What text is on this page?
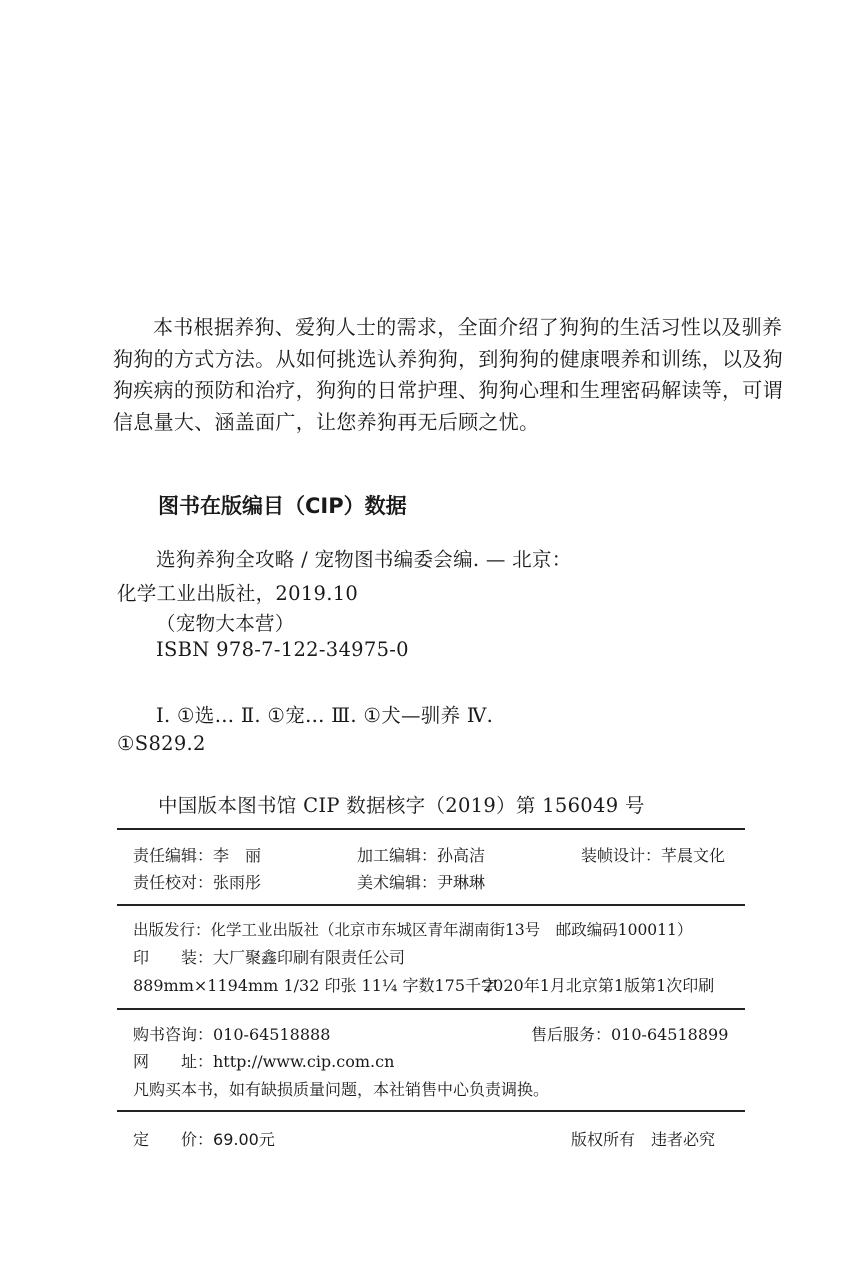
本书根据养狗、爱狗人士的需求，全面介绍了狗狗的生活习性以及驯养
狗狗的方式方法。从如何挑选认养狗狗，到狗狗的健康喂养和训练，以及狗
狗疾病的预防和治疗，狗狗的日常护理、狗狗心理和生理密码解读等，可谓
信息量大、涵盖面广，让您养狗再无后顾之忧。
图书在版编目（CIP）数据
选狗养狗全攻略 / 宠物图书编委会编. — 北京：
化学工业出版社，2019.10
（宠物大本营）
ISBN 978-7-122-34975-0
Ⅰ. ①选… Ⅱ. ①宠… Ⅲ. ①犬—驯养 Ⅳ.
①S829.2
中国版本图书馆 CIP 数据核字（2019）第 156049 号
责任编辑：李　丽	加工编辑：孙高洁	装帧设计：芊晨文化
责任校对：张雨彤	美术编辑：尹琳琳
出版发行：化学工业出版社（北京市东城区青年湖南街13号　邮政编码100011）
印　　装：大厂聚鑫印刷有限责任公司
889mm×1194mm 1/32 印张 11¼ 字数175千字
2020年1月北京第1版第1次印刷
购书咨询：010-64518888	售后服务：010-64518899
网　　址：http://www.cip.com.cn
凡购买本书，如有缺损质量问题，本社销售中心负责调换。
定　　价：69.00元	版权所有　违者必究
